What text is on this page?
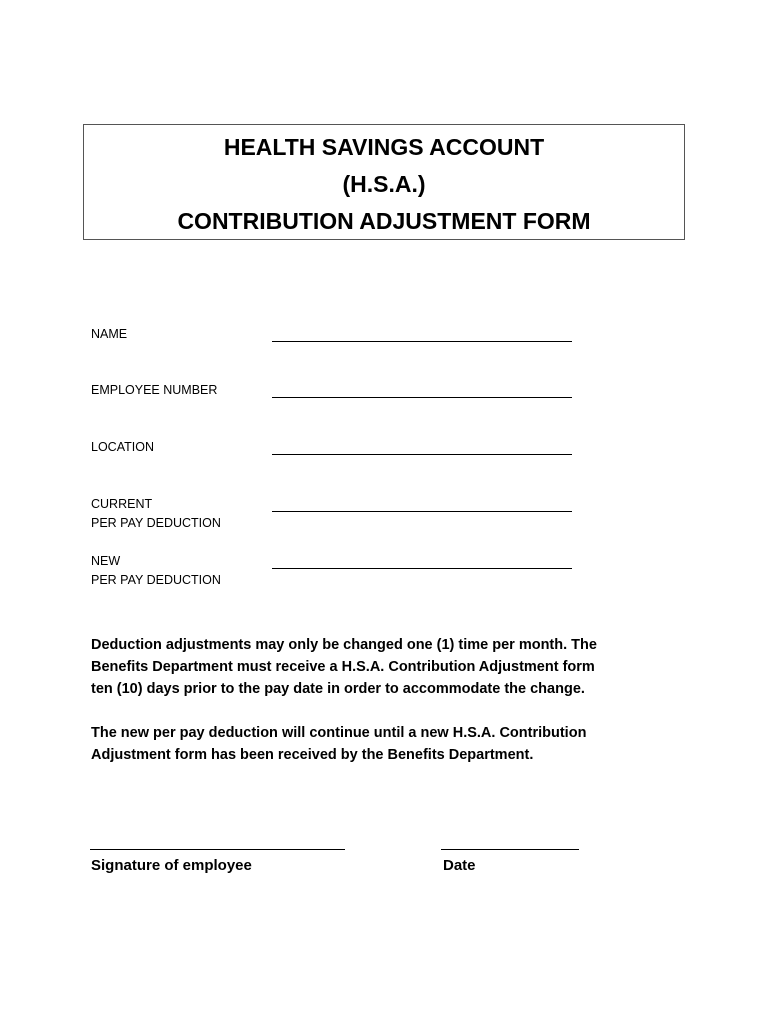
HEALTH SAVINGS ACCOUNT
(H.S.A.)
CONTRIBUTION ADJUSTMENT FORM
NAME
EMPLOYEE NUMBER
LOCATION
CURRENT
PER PAY DEDUCTION
NEW
PER PAY DEDUCTION
Deduction adjustments may only be changed one (1) time per month. The
Benefits Department must receive a H.S.A. Contribution Adjustment form
ten (10) days prior to the pay date in order to accommodate the change.
The new per pay deduction will continue until a new H.S.A. Contribution
Adjustment form has been received by the Benefits Department.
Signature of employee	Date
